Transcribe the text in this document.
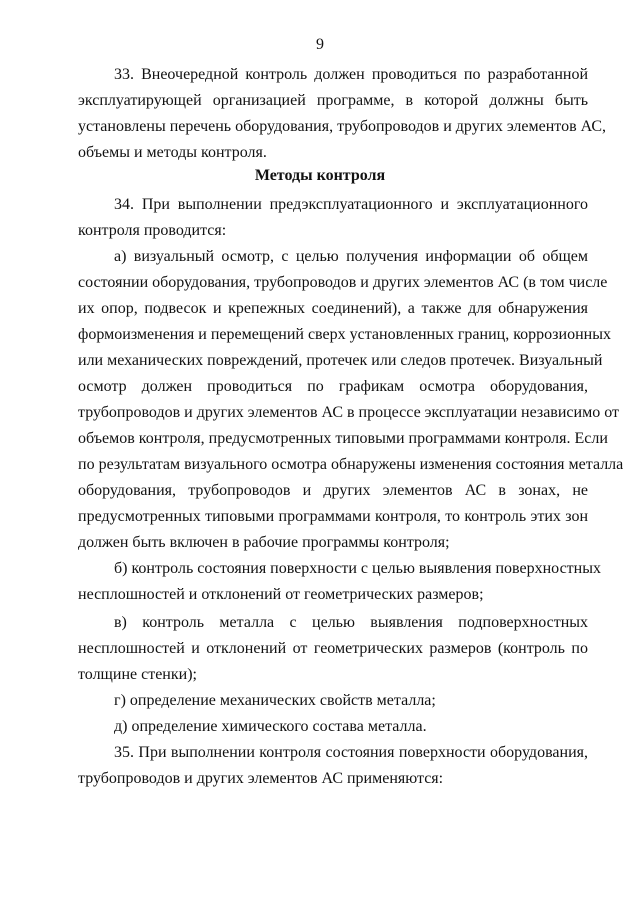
9
Методы контроля
33. Внеочередной контроль должен проводиться по разработанной
эксплуатирующей организацией программе, в которой должны быть
установлены перечень оборудования, трубопроводов и других элементов АС,
объемы и методы контроля.
34. При выполнении предэксплуатационного и эксплуатационного
контроля проводится:
а) визуальный осмотр, с целью получения информации об общем
состоянии оборудования, трубопроводов и других элементов АС (в том числе
их опор, подвесок и крепежных соединений), а также для обнаружения
формоизменения и перемещений сверх установленных границ, коррозионных
или механических повреждений, протечек или следов протечек. Визуальный
осмотр должен проводиться по графикам осмотра оборудования,
трубопроводов и других элементов АС в процессе эксплуатации независимо от
объемов контроля, предусмотренных типовыми программами контроля. Если
по результатам визуального осмотра обнаружены изменения состояния металла
оборудования, трубопроводов и других элементов АС в зонах, не
предусмотренных типовыми программами контроля, то контроль этих зон
должен быть включен в рабочие программы контроля;
б) контроль состояния поверхности с целью выявления поверхностных
несплошностей и отклонений от геометрических размеров;
в) контроль металла с целью выявления подповерхностных
несплошностей и отклонений от геометрических размеров (контроль по
толщине стенки);
г) определение механических свойств металла;
д) определение химического состава металла.
35. При выполнении контроля состояния поверхности оборудования,
трубопроводов и других элементов АС применяются:
